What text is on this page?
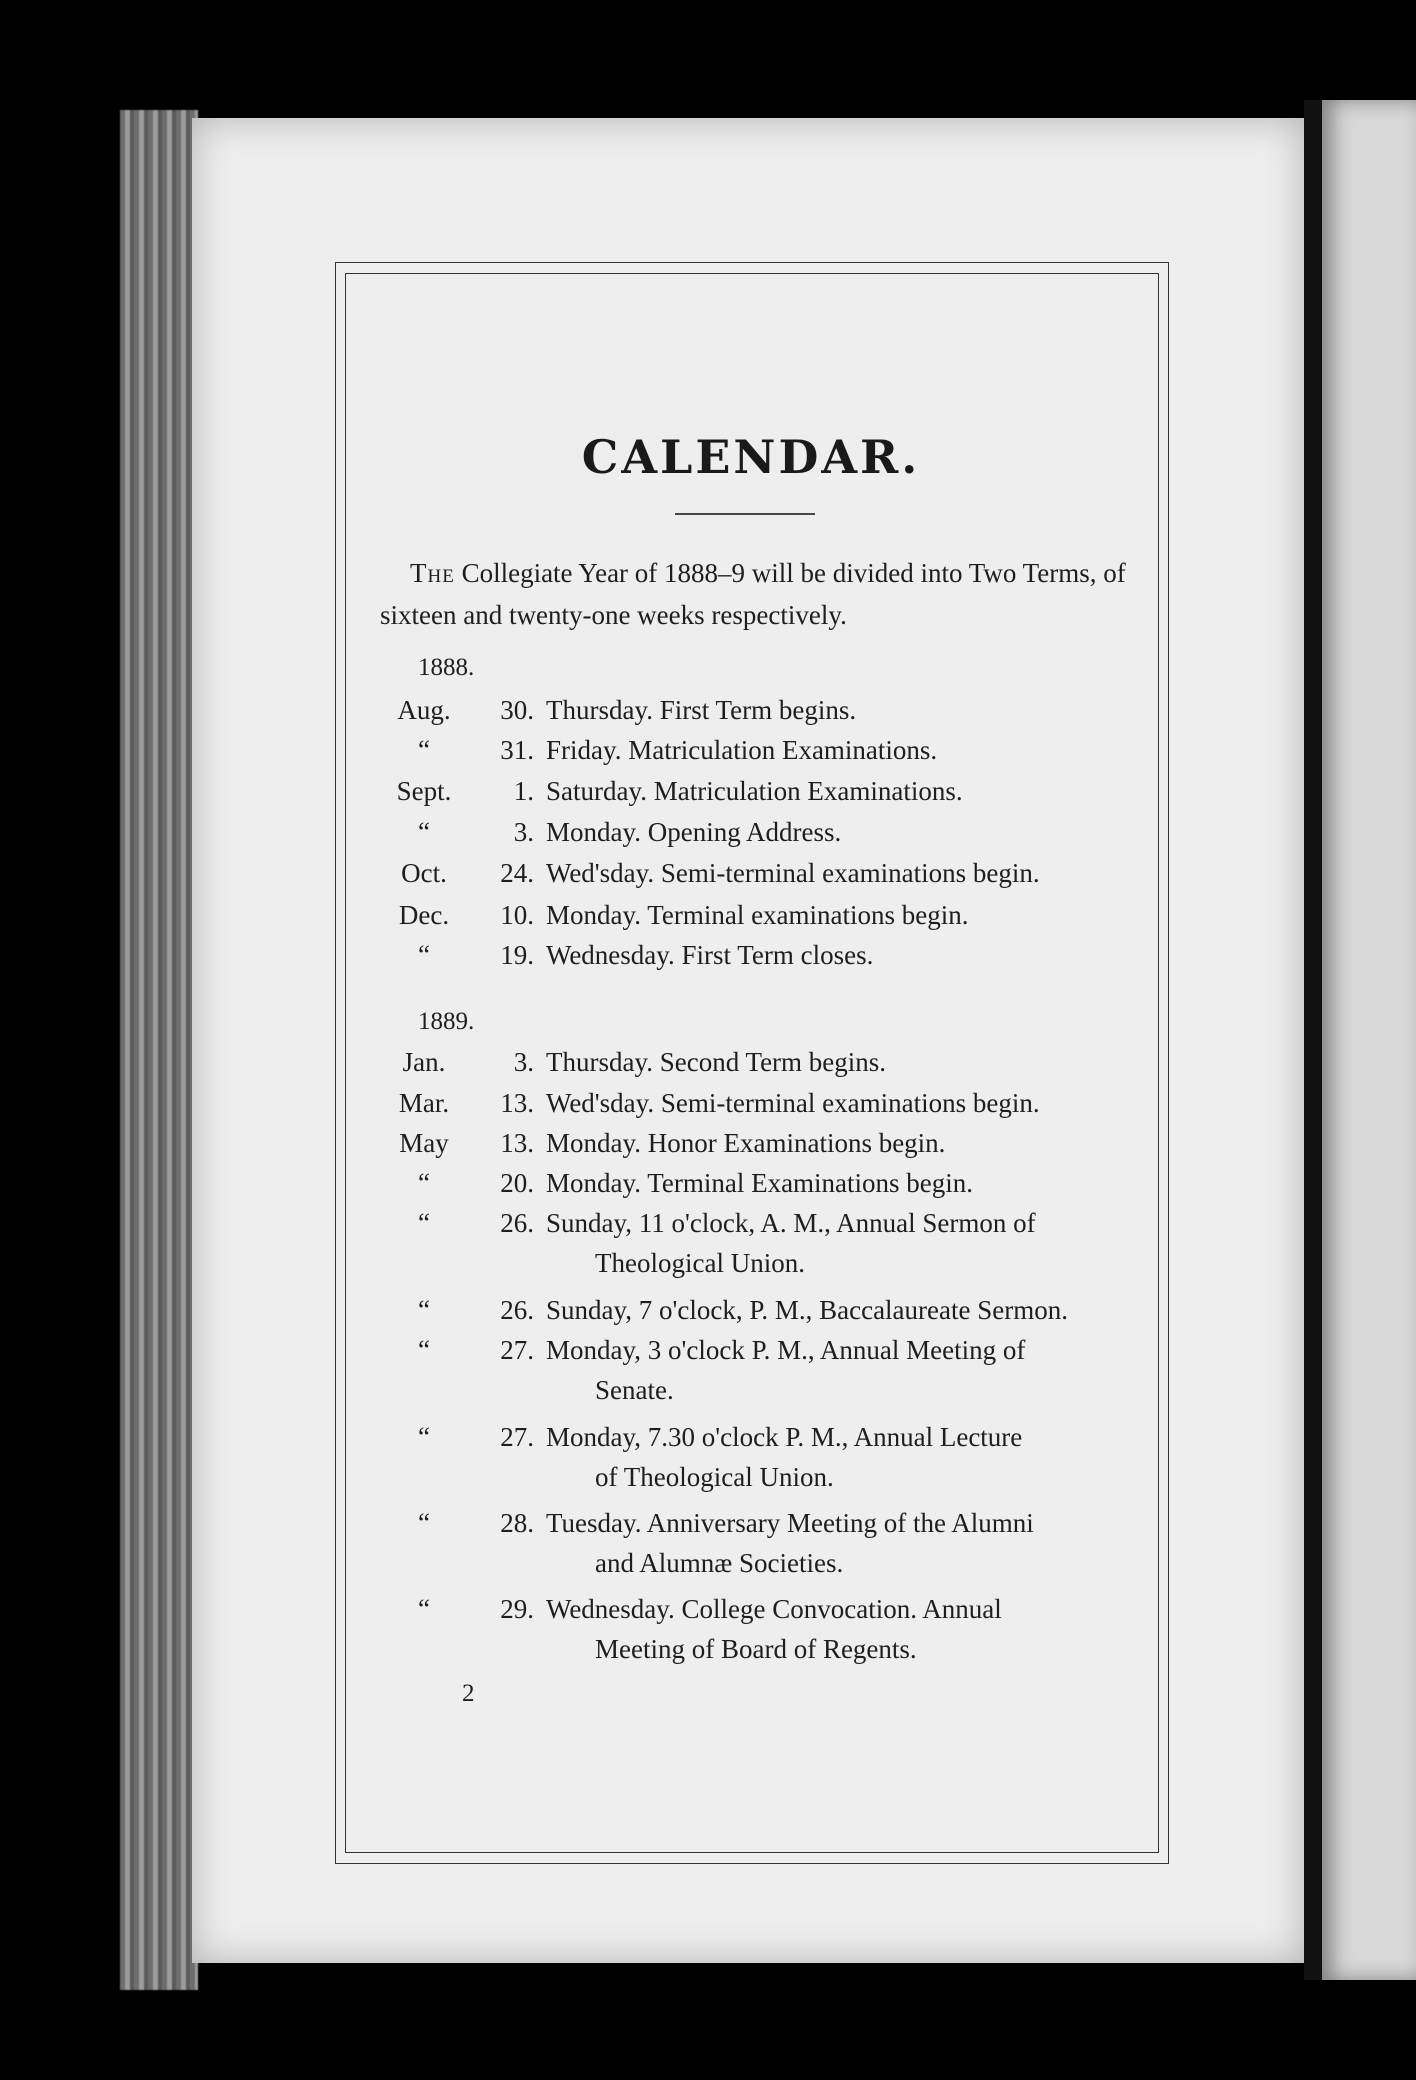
CALENDAR.
The Collegiate Year of 1888–9 will be divided into Two Terms, of sixteen and twenty-one weeks respectively.
1888.
1889.
Aug. 30. Thursday. First Term begins.
“	31. Friday. Matriculation Examinations.
Sept. 1. Saturday. Matriculation Examinations.
“	3. Monday. Opening Address.
Oct. 24. Wed'sday. Semi-terminal examinations begin.
Dec. 10. Monday. Terminal examinations begin.
“	19. Wednesday. First Term closes.
Jan.	3. Thursday. Second Term begins.
Mar. 13. Wed'sday. Semi-terminal examinations begin.
May 13. Monday. Honor Examinations begin.
“	20. Monday. Terminal Examinations begin.
“	26. Sunday, 11 o'clock, A. M., Annual Sermon of
Theological Union.
“	26. Sunday, 7 o'clock, P. M., Baccalaureate Sermon.
“	27. Monday, 3 o'clock P. M., Annual Meeting of
Senate.
“	27. Monday, 7.30 o'clock P. M., Annual Lecture
of Theological Union.
“	28. Tuesday. Anniversary Meeting of the Alumni
and Alumnæ Societies.
“	29. Wednesday. College Convocation. Annual
Meeting of Board of Regents.
2
